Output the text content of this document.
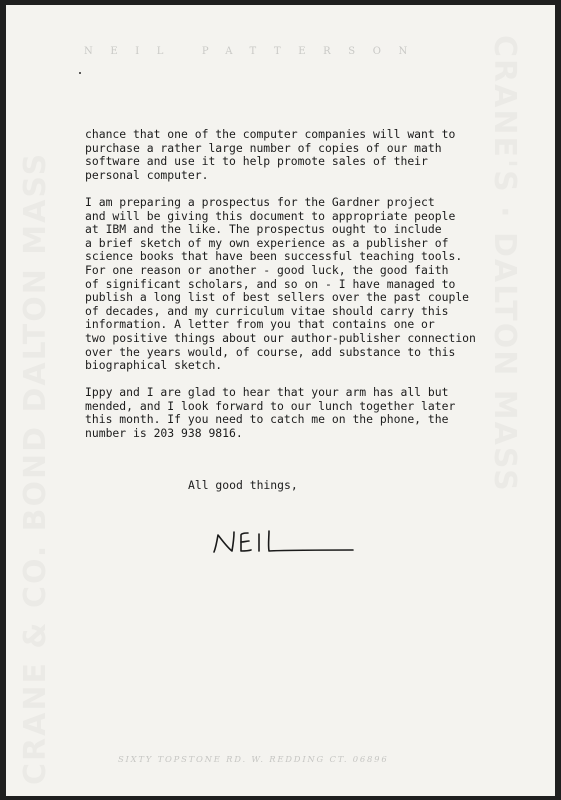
NEIL PATTERSON

chance that one of the computer companies will want to
purchase a rather large number of copies of our math
software and use it to help promote sales of their
personal computer.

I am preparing a prospectus for the Gardner project
and will be giving this document to appropriate people
at IBM and the like. The prospectus ought to include
a brief sketch of my own experience as a publisher of
science books that have been successful teaching tools.
For one reason or another - good luck, the good faith
of significant scholars, and so on - I have managed to
publish a long list of best sellers over the past couple
of decades, and my curriculum vitae should carry this
information. A letter from you that contains one or
two positive things about our author-publisher connection
over the years would, of course, add substance to this
biographical sketch.

Ippy and I are glad to hear that your arm has all but
mended, and I look forward to our lunch together later
this month. If you need to catch me on the phone, the
number is 203 938 9816.

All good things,
SIXTY TOPSTONE RD. W. REDDING CT. 06896
